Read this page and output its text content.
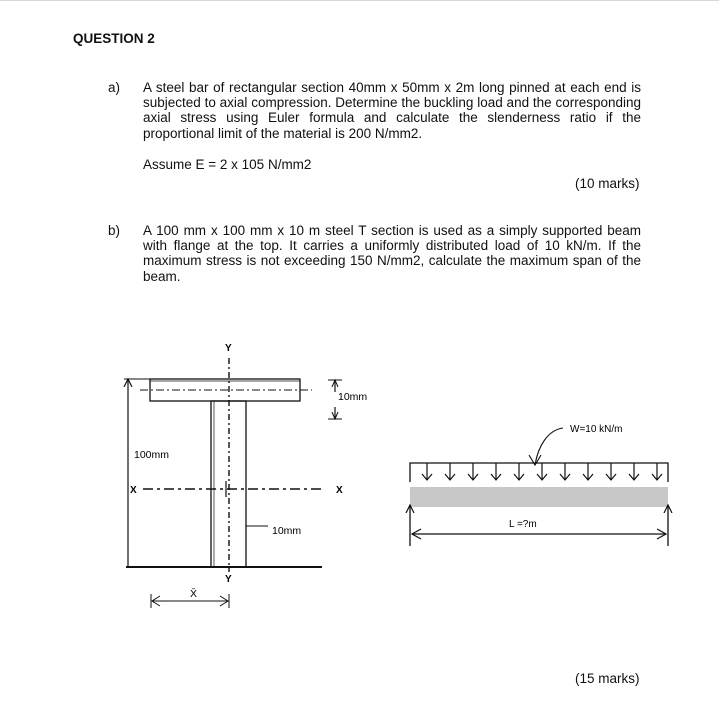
QUESTION 2
a) A steel bar of rectangular section 40mm x 50mm x 2m long pinned at each end is subjected to axial compression. Determine the buckling load and the corresponding axial stress using Euler formula and calculate the slenderness ratio if the proportional limit of the material is 200 N/mm2.
Assume E = 2 x 105 N/mm2
(10 marks)
b) A 100 mm x 100 mm x 10 m steel T section is used as a simply supported beam with flange at the top. It carries a uniformly distributed load of 10 kN/m. If the maximum stress is not exceeding 150 N/mm2, calculate the maximum span of the beam.
(15 marks)
Y
Y
X	X
100mm
10mm
10mm
X̄
W=10 kN/m
L =?m
